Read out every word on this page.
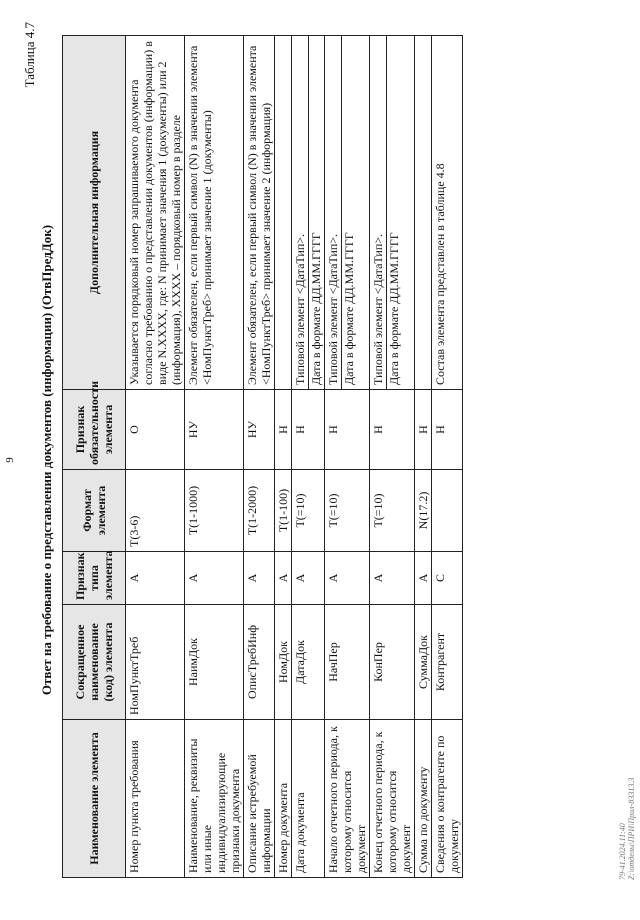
9
Таблица 4.7
Ответ на требование о представлении документов (информации) (ОтвПредДок)
Наименование элемента	Сокращенное наименование (код) элемента	Признак типа элемента	Формат элемента	Признак обязательности элемента	Дополнительная информация
Номер пункта требования	НомПунктТреб	А	Т(3-6)	О	Указывается порядковый номер запрашиваемого документа согласно требованию о представлении документов (информации) в виде N.XXXX, где: N принимает значения 1 (документы) или 2 (информация), XXXX – порядковый номер в разделе
Наименование, реквизиты или иные индивидуализирующие признаки документа	НаимДок	А	Т(1-1000)	НУ	Элемент обязателен, если первый символ (N) в значении элемента <НомПунктТреб> принимает значение 1 (документы)
Описание истребуемой информации	ОписТребИнф	А	Т(1-2000)	НУ	Элемент обязателен, если первый символ (N) в значении элемента <НомПунктТреб> принимает значение 2 (информация)
Номер документа	НомДок	А	Т(1-100)	Н	
Дата документа	ДатаДок	А	Т(=10)	Н	Типовой элемент <ДатаТип>. Дата в формате ДД.ММ.ГГГГ

Начало отчетного периода, к которому относится документ	НачПер	А	Т(=10)	Н	Типовой элемент <ДатаТип>. Дата в формате ДД.ММ.ГГГГ

Конец отчетного периода, к которому относится документ	КонПер	А	Т(=10)	Н	Типовой элемент <ДатаТип>. Дата в формате ДД.ММ.ГГГГ

Сумма по документу	СуммаДок	А	N(17.2)	Н	
Сведения о контрагенте по документу	Контрагент	С		Н	Состав элемента представлен в таблице 4.8
79-41.2024.11:40 Z:\отделы\ПРИ\Прил-83313.3
